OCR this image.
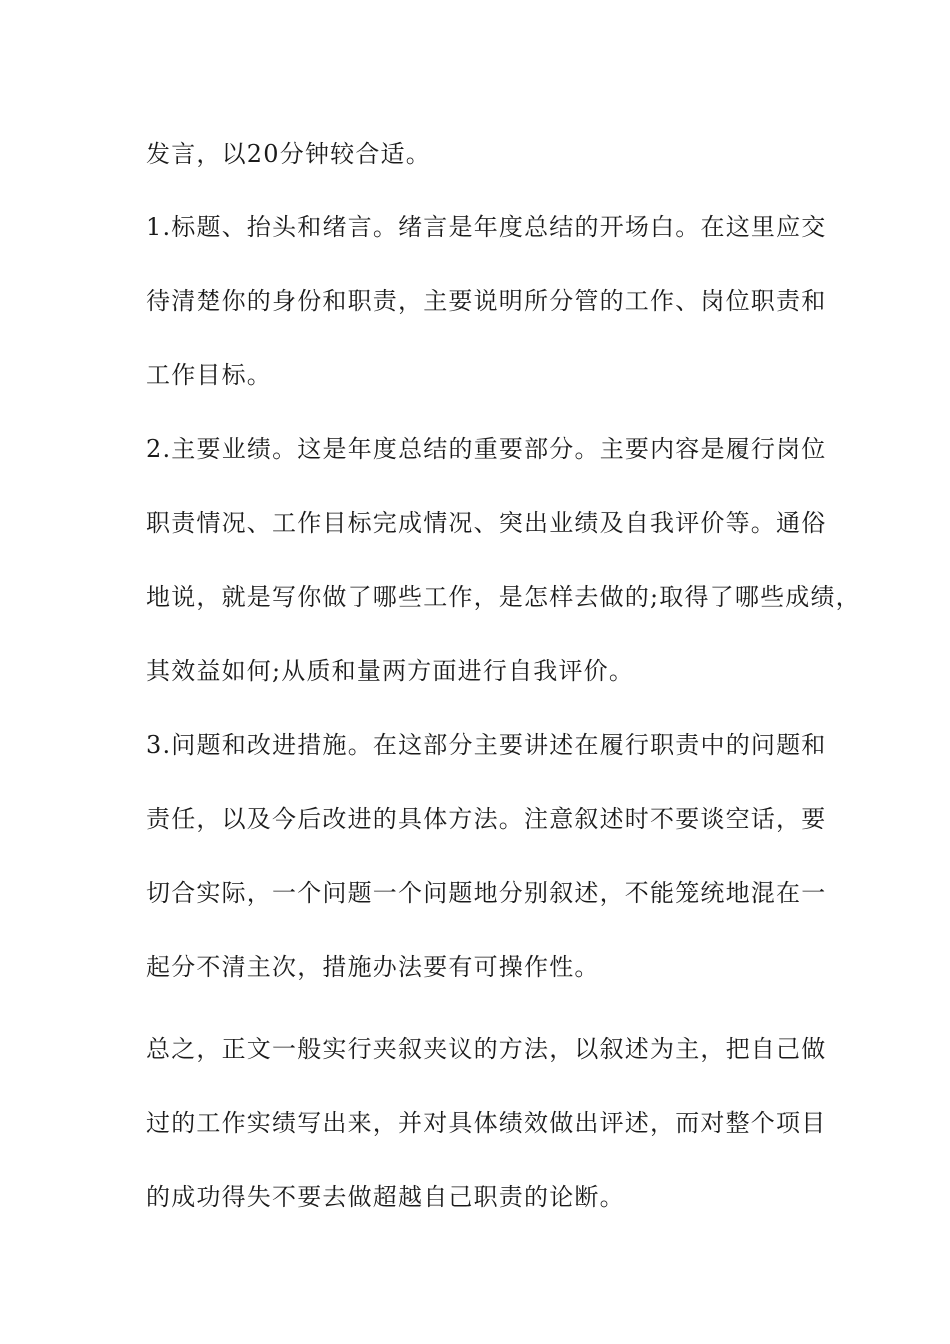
发言，以20分钟较合适。
1.标题、抬头和绪言。绪言是年度总结的开场白。在这里应交
待清楚你的身份和职责，主要说明所分管的工作、岗位职责和
工作目标。
2.主要业绩。这是年度总结的重要部分。主要内容是履行岗位
职责情况、工作目标完成情况、突出业绩及自我评价等。通俗
地说，就是写你做了哪些工作，是怎样去做的;取得了哪些成绩，
其效益如何;从质和量两方面进行自我评价。
3.问题和改进措施。在这部分主要讲述在履行职责中的问题和
责任，以及今后改进的具体方法。注意叙述时不要谈空话，要
切合实际，一个问题一个问题地分别叙述，不能笼统地混在一
起分不清主次，措施办法要有可操作性。
总之，正文一般实行夹叙夹议的方法，以叙述为主，把自己做
过的工作实绩写出来，并对具体绩效做出评述，而对整个项目
的成功得失不要去做超越自己职责的论断。
